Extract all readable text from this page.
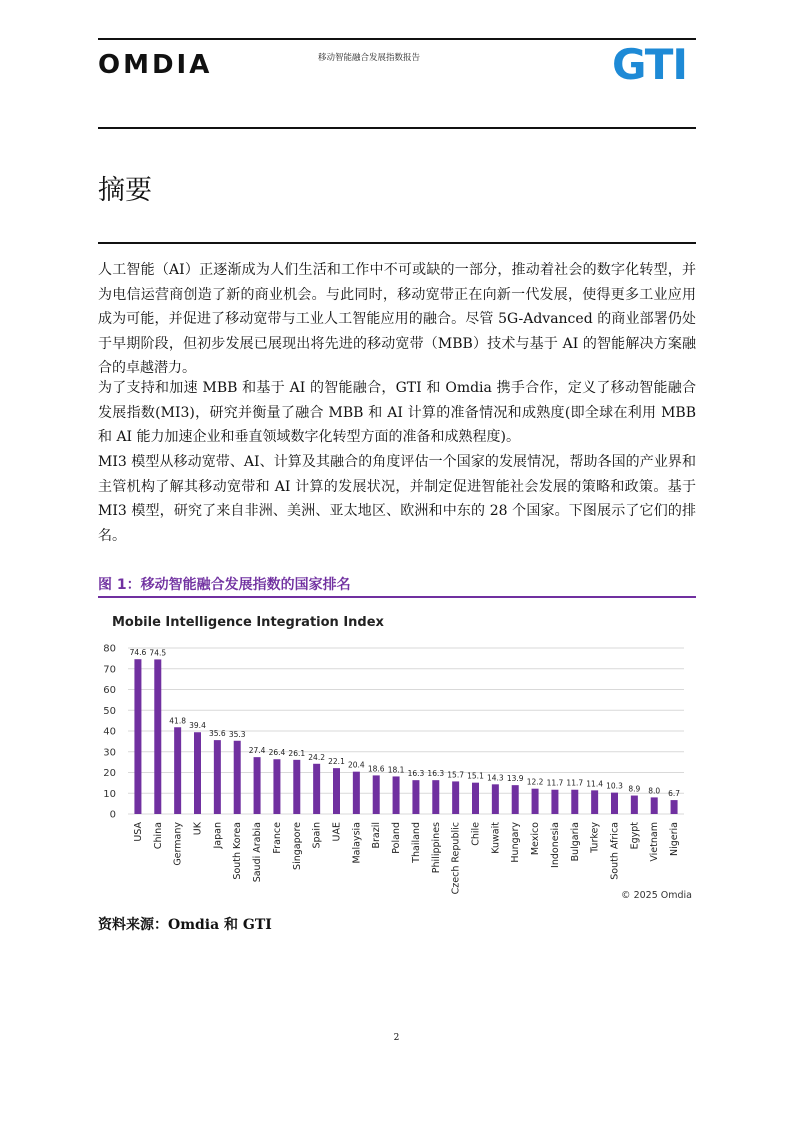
OMDIA	移动智能融合发展指数报告	GTI
摘要

人工智能（AI）正逐渐成为人们生活和工作中不可或缺的一部分，推动着社会的数字化转型，并为电信运营商创造了新的商业机会。与此同时，移动宽带正在向新一代发展，使得更多工业应用成为可能，并促进了移动宽带与工业人工智能应用的融合。尽管 5G-Advanced 的商业部署仍处于早期阶段，但初步发展已展现出将先进的移动宽带（MBB）技术与基于 AI 的智能解决方案融合的卓越潜力。

为了支持和加速 MBB 和基于 AI 的智能融合，GTI 和 Omdia 携手合作，定义了移动智能融合发展指数(MI3)，研究并衡量了融合 MBB 和 AI 计算的准备情况和成熟度(即全球在利用 MBB 和 AI 能力加速企业和垂直领域数字化转型方面的准备和成熟程度)。

MI3 模型从移动宽带、AI、计算及其融合的角度评估一个国家的发展情况，帮助各国的产业界和主管机构了解其移动宽带和 AI 计算的发展状况，并制定促进智能社会发展的策略和政策。基于 MI3 模型，研究了来自非洲、美洲、亚太地区、欧洲和中东的 28 个国家。下图展示了它们的排名。

图 1：移动智能融合发展指数的国家排名
Mobile Intelligence Integration Index
0
10
20
30
40
50
60
70
80 74.6
USA
74.5
China
41.8
Germany
39.4
UK
35.6
Japan
35.3
South Korea
27.4
Saudi Arabia
26.4
France
26.1
Singapore
24.2
Spain
22.1
UAE
20.4
Malaysia
18.6
Brazil
18.1
Poland
16.3
Thailand
16.3
Philippines
15.7
Czech Republic
15.1
Chile
14.3
Kuwait
13.9
Hungary
12.2
Mexico
11.7
Indonesia
11.7
Bulgaria
11.4
Turkey
10.3
South Africa
8.9
Egypt
8.0
Vietnam
6.7
Nigeria
© 2025 Omdia
资料来源：Omdia 和 GTI
2
